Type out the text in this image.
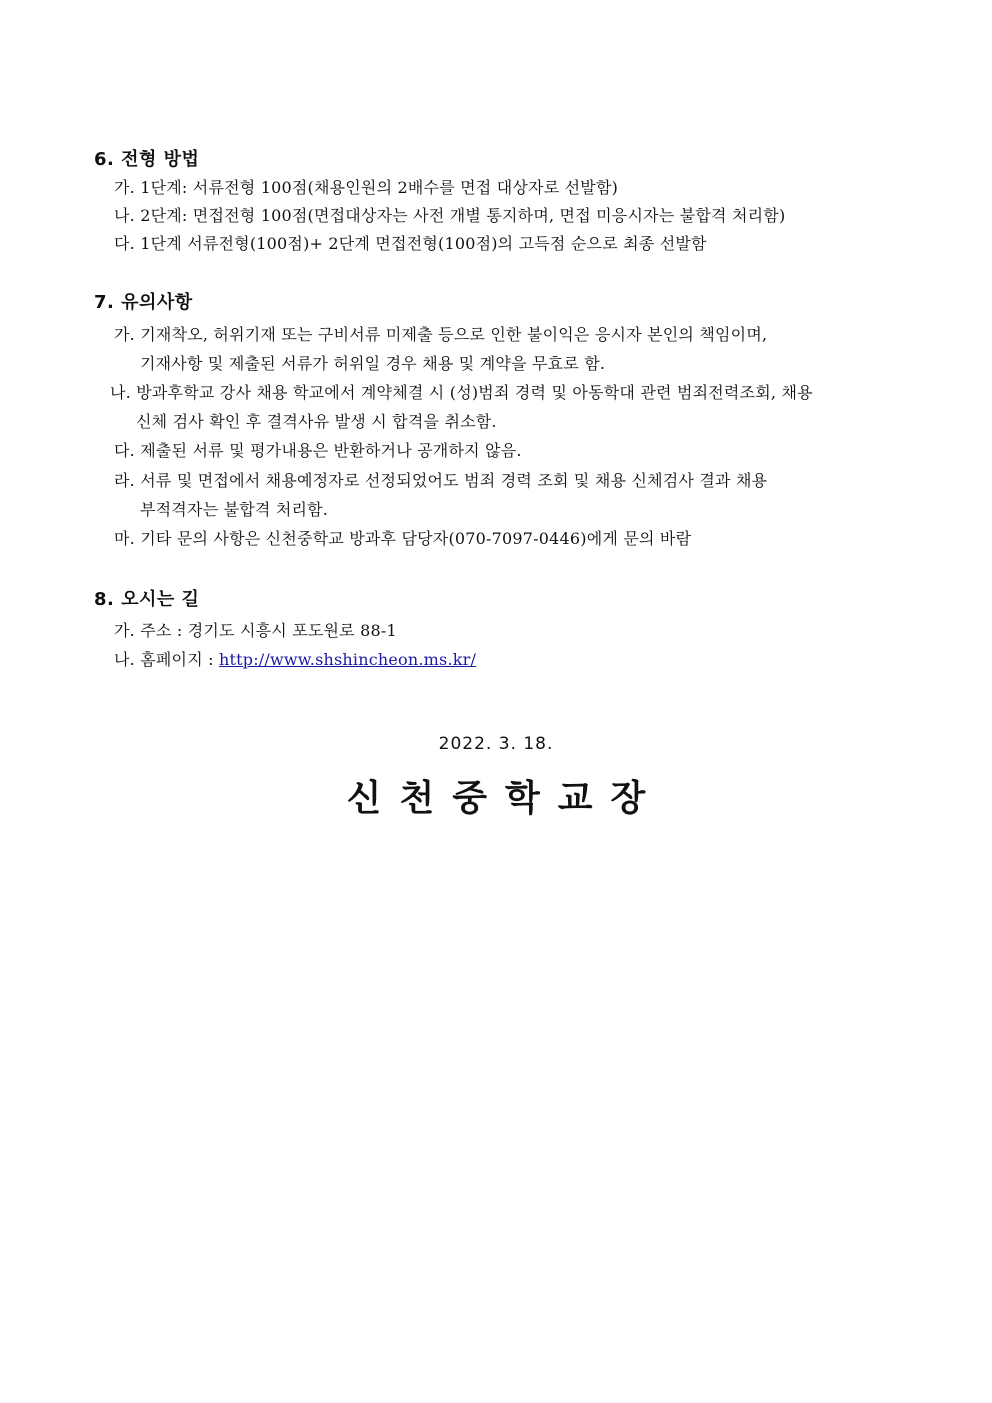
6. 전형 방법
가. 1단계: 서류전형 100점(채용인원의 2배수를 면접 대상자로 선발함)
나. 2단계: 면접전형 100점(면접대상자는 사전 개별 통지하며, 면접 미응시자는 불합격 처리함)
다. 1단계 서류전형(100점)+ 2단계 면접전형(100점)의 고득점 순으로 최종 선발함
7. 유의사항
가. 기재착오, 허위기재 또는 구비서류 미제출 등으로 인한 불이익은 응시자 본인의 책임이며,
기재사항 및 제출된 서류가 허위일 경우 채용 및 계약을 무효로 함.
나. 방과후학교 강사 채용 학교에서 계약체결 시 (성)범죄 경력 및 아동학대 관련 범죄전력조회, 채용
신체 검사 확인 후 결격사유 발생 시 합격을 취소함.
다. 제출된 서류 및 평가내용은 반환하거나 공개하지 않음.
라. 서류 및 면접에서 채용예정자로 선정되었어도 범죄 경력 조회 및 채용 신체검사 결과 채용
부적격자는 불합격 처리함.
마. 기타 문의 사항은 신천중학교 방과후 담당자(070-7097-0446)에게 문의 바람
8. 오시는 길
가. 주소 : 경기도 시흥시 포도원로 88-1
나. 홈페이지 : http://www.shshincheon.ms.kr/
2022. 3. 18.
신천중학교장
